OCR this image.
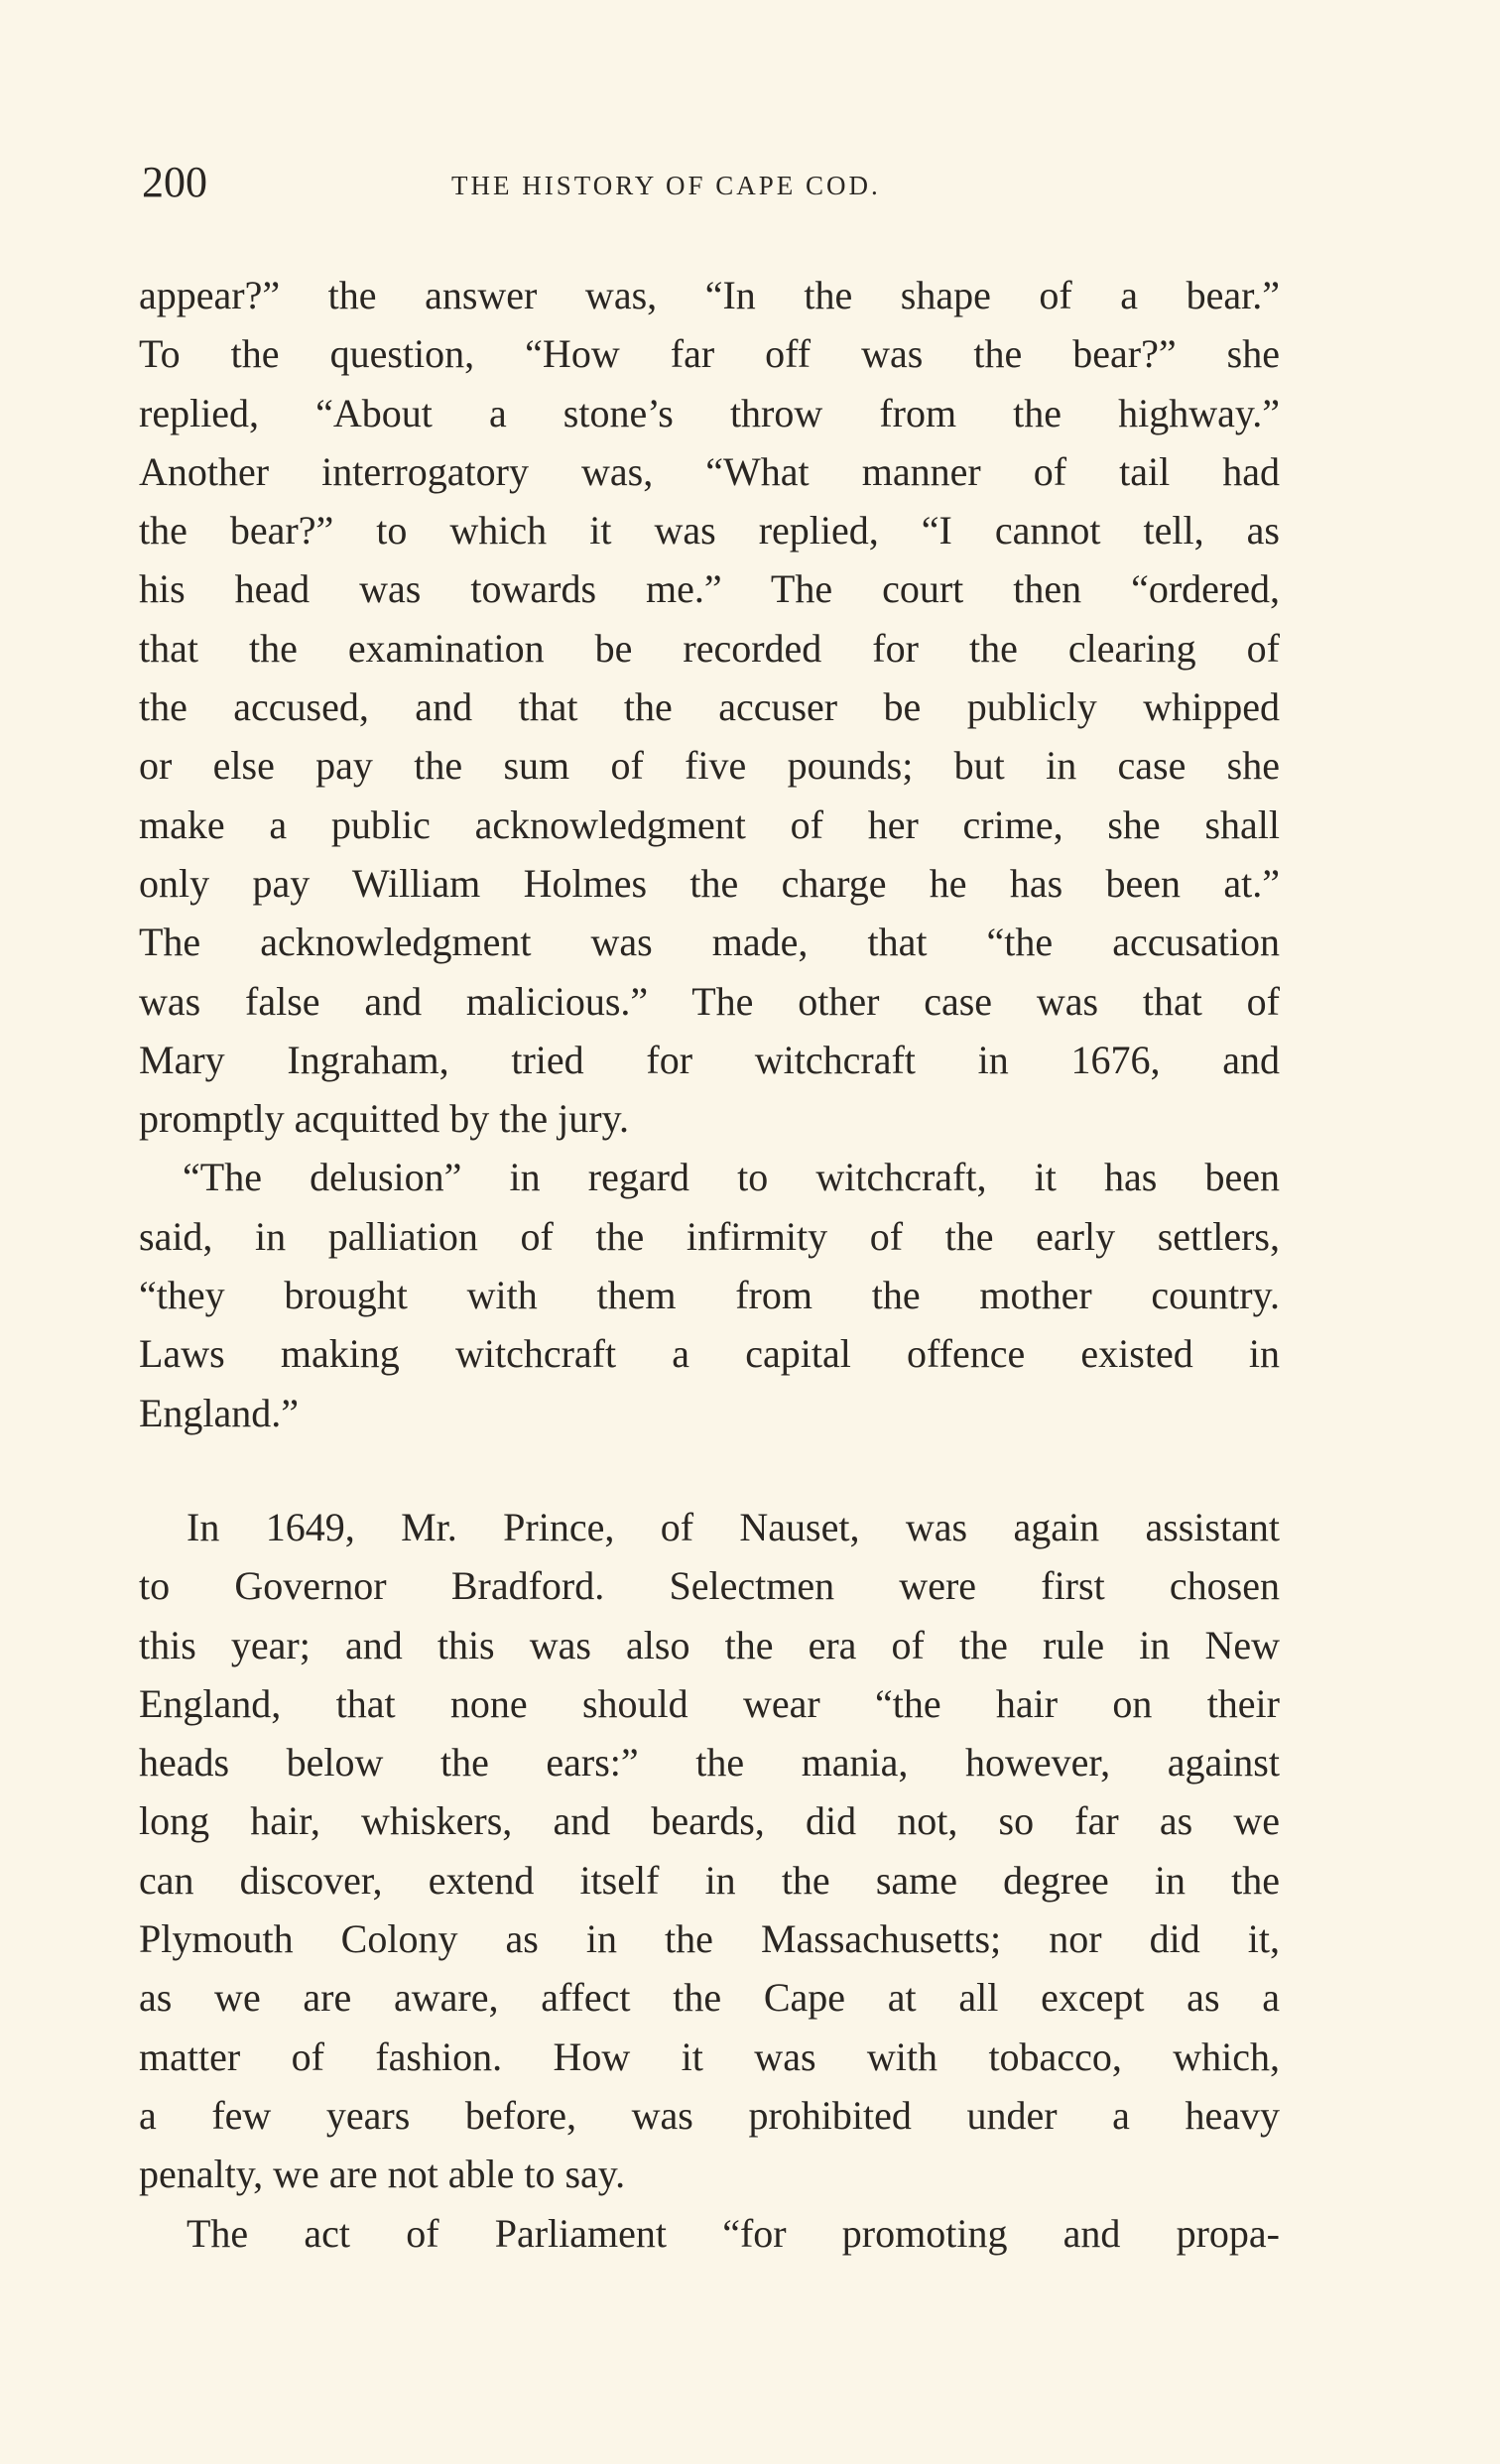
200	THE HISTORY OF CAPE COD.
appear?” the answer was, “In the shape of a bear.”
To the question, “How far off was the bear?” she
replied, “About a stone’s throw from the highway.”
Another interrogatory was, “What manner of tail had
the bear?” to which it was replied, “I cannot tell, as
his head was towards me.” The court then “ordered,
that the examination be recorded for the clearing of
the accused, and that the accuser be publicly whipped
or else pay the sum of five pounds; but in case she
make a public acknowledgment of her crime, she shall
only pay William Holmes the charge he has been at.”
The acknowledgment was made, that “the accusation
was false and malicious.” The other case was that of
Mary Ingraham, tried for witchcraft in 1676, and
promptly acquitted by the jury.
“The delusion” in regard to witchcraft, it has been
said, in palliation of the infirmity of the early settlers,
“they brought with them from the mother country.
Laws making witchcraft a capital offence existed in
England.”
In 1649, Mr. Prince, of Nauset, was again assistant
to Governor Bradford. Selectmen were first chosen
this year; and this was also the era of the rule in New
England, that none should wear “the hair on their
heads below the ears:” the mania, however, against
long hair, whiskers, and beards, did not, so far as we
can discover, extend itself in the same degree in the
Plymouth Colony as in the Massachusetts; nor did it,
as we are aware, affect the Cape at all except as a
matter of fashion. How it was with tobacco, which,
a few years before, was prohibited under a heavy
penalty, we are not able to say.
The act of Parliament “for promoting and propa-
